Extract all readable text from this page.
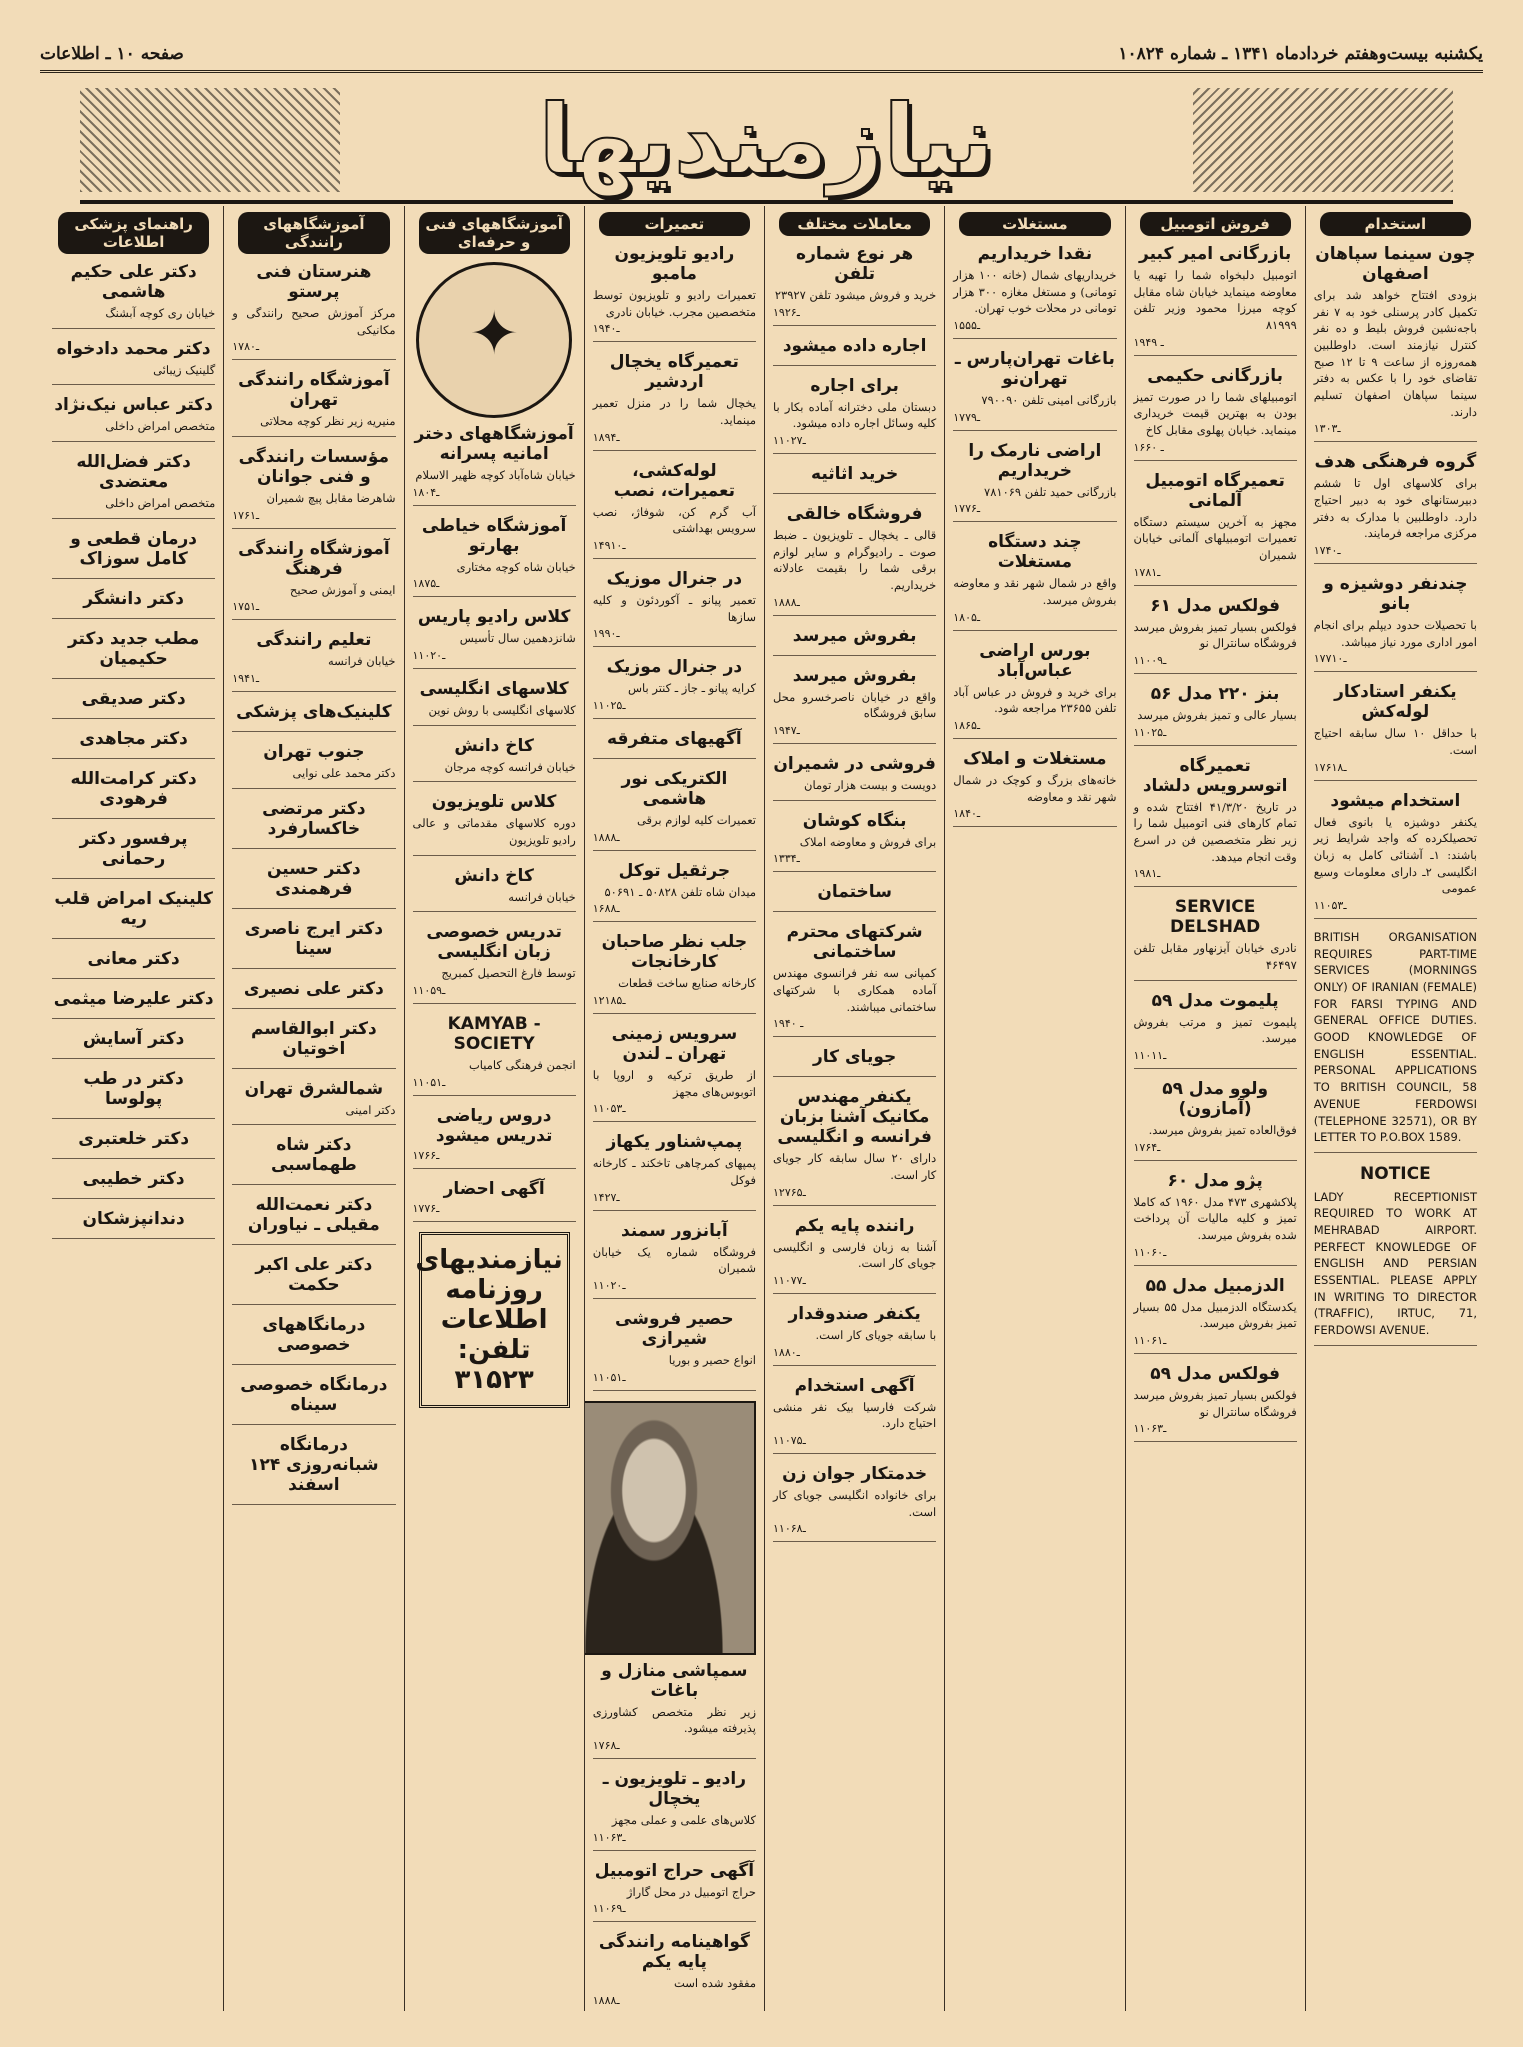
یکشنبه بیست‌وهفتم خردادماه ۱۳۴۱ ـ شماره ۱۰۸۲۴
صفحه ۱۰ ـ اطلاعات
نیازمندیها
استخدام
چون سینما سپاهان اصفهان
بزودی افتتاح خواهد شد برای تکمیل کادر پرسنلی خود به ۷ نفر باجه‌نشین فروش بلیط و ده نفر کنترل نیازمند است. داوطلبین همه‌روزه از ساعت ۹ تا ۱۲ صبح تقاضای خود را با عکس به دفتر سینما سپاهان اصفهان تسلیم دارند.
۱ـ۳۰۳
گروه فرهنگی هدف
برای کلاسهای اول تا ششم دبیرستانهای خود به دبیر احتیاج دارد. داوطلبین با مدارک به دفتر مرکزی مراجعه فرمایند.
۱ـ۷۴۰
چندنفر دوشیزه و بانو
با تحصیلات حدود دیپلم برای انجام امور اداری مورد نیاز میباشد.
۱ـ۷۷۱۰
یکنفر استادکار لوله‌کش
با حداقل ۱۰ سال سابقه احتیاج است.
۱ـ۷۶۱۸
استخدام میشود
یکنفر دوشیزه یا بانوی فعال تحصیلکرده که واجد شرایط زیر باشند: ۱ـ آشنائی کامل به زبان انگلیسی ۲ـ دارای معلومات وسیع عمومی
۱ـ۱۰۵۳
BRITISH ORGANISATION REQUIRES PART-TIME SERVICES (MORNINGS ONLY) OF IRANIAN (FEMALE) FOR FARSI TYPING AND GENERAL OFFICE DUTIES. GOOD KNOWLEDGE OF ENGLISH ESSENTIAL. PERSONAL APPLICATIONS TO BRITISH COUNCIL, 58 AVENUE FERDOWSI (TELEPHONE 32571), OR BY LETTER TO P.O.BOX 1589.
NOTICE
LADY RECEPTIONIST REQUIRED TO WORK AT MEHRABAD AIRPORT. PERFECT KNOWLEDGE OF ENGLISH AND PERSIAN ESSENTIAL. PLEASE APPLY IN WRITING TO DIRECTOR (TRAFFIC), IRTUC, 71, FERDOWSI AVENUE.
فروش اتومبیل
بازرگانی امیر کبیر
اتومبیل دلبخواه شما را تهیه یا معاوضه مینماید خیابان شاه مقابل کوچه میرزا محمود وزیر تلفن ۸۱۹۹۹
۱ـ ۹۴۹
بازرگانی حکیمی
اتومبیلهای شما را در صورت تمیز بودن به بهترین قیمت خریداری مینماید. خیابان پهلوی مقابل کاخ
۱ـ ۶۶۰
تعمیرگاه اتومبیل آلمانی
مجهز به آخرین سیستم دستگاه تعمیرات اتومبیلهای آلمانی خیابان شمیران
۱ـ۷۸۱
فولکس مدل ۶۱
فولکس بسیار تمیز بفروش میرسد فروشگاه سانترال نو
۱ـ۱۰۰۹
بنز ۲۲۰ مدل ۵۶
بسیار عالی و تمیز بفروش میرسد
۱ـ۱۰۲۵
تعمیرگاه اتوسرویس دلشاد
در تاریخ ۴۱/۳/۲۰ افتتاح شده و تمام کارهای فنی اتومبیل شما را زیر نظر متخصصین فن در اسرع وقت انجام میدهد.
۱ـ۹۸۱
SERVICE DELSHAD
نادری خیابان آیزنهاور مقابل تلفن ۴۶۴۹۷
پلیموت مدل ۵۹
پلیموت تمیز و مرتب بفروش میرسد.
۱ـ۱۰۱۱
ولوو مدل ۵۹ (آمازون)
فوق‌العاده تمیز بفروش میرسد.
۱ـ۷۶۴
پژو مدل ۶۰
پلاکشهری ۴۷۳ مدل ۱۹۶۰ که کاملا تمیز و کلیه مالیات آن پرداخت شده بفروش میرسد.
۱ـ۱۰۶۰
الدزمبیل مدل ۵۵
یکدستگاه الدزمبیل مدل ۵۵ بسیار تمیز بفروش میرسد.
۱ـ۱۰۶۱
فولکس مدل ۵۹
فولکس بسیار تمیز بفروش میرسد فروشگاه سانترال نو
۱ـ۱۰۶۳
مستغلات
نقدا خریداریم
خریداریهای شمال (خانه ۱۰۰ هزار تومانی) و مستغل مغازه ۳۰۰ هزار تومانی در محلات خوب تهران.
۱ـ۵۵۵
باغات تهران‌پارس ـ تهران‌نو
بازرگانی امینی تلفن ۷۹۰۰۹۰
۱ـ۷۷۹
اراضی نارمک را خریداریم
بازرگانی حمید تلفن ۷۸۱۰۶۹
۱ـ۷۷۶
چند دستگاه مستغلات
واقع در شمال شهر نقد و معاوضه بفروش میرسد.
۱ـ۸۰۵
بورس اراضی عباس‌آباد
برای خرید و فروش در عباس آباد تلفن ۲۳۶۵۵ مراجعه شود.
۱ـ۸۶۵
مستغلات و املاک
خانه‌های بزرگ و کوچک در شمال شهر نقد و معاوضه
۱ـ۸۴۰
معاملات مختلف
هر نوع شماره تلفن
خرید و فروش میشود تلفن ۲۳۹۲۷
۱ـ۹۲۶
اجاره داده میشود
برای اجاره
دبستان ملی دخترانه آماده بکار با کلیه وسائل اجاره داده میشود.
۱ـ۱۰۲۷
خرید اثاثیه
فروشگاه خالقی
قالی ـ یخچال ـ تلویزیون ـ ضبط صوت ـ رادیوگرام و سایر لوازم برقی شما را بقیمت عادلانه خریداریم.
۱ـ۸۸۸
بفروش میرسد
بفروش میرسد
واقع در خیابان ناصرخسرو محل سابق فروشگاه
۱ـ۹۴۷
فروشی در شمیران
دویست و بیست هزار تومان
بنگاه کوشان
برای فروش و معاوضه املاک
۱ـ۳۳۴
ساختمان
شرکتهای محترم ساختمانی
کمپانی سه نفر فرانسوی مهندس آماده همکاری با شرکتهای ساختمانی میباشند.
۱ـ ۹۴۰
جویای کار
یکنفر مهندس مکانیک آشنا بزبان فرانسه و انگلیسی
دارای ۲۰ سال سابقه کار جویای کار است.
۱ـ۲۷۶۵
راننده پایه یکم
آشنا به زبان فارسی و انگلیسی جویای کار است.
۱ـ۱۰۷۷
یکنفر صندوقدار
با سابقه جویای کار است.
۱ـ۸۸۰
آگهی استخدام
شرکت فارسیا بیک نفر منشی احتیاج دارد.
۱ـ۱۰۷۵
خدمتکار جوان زن
برای خانواده انگلیسی جویای کار است.
۱ـ۱۰۶۸
تعمیرات
رادیو تلویزیون مامبو
تعمیرات رادیو و تلویزیون توسط متخصصین مجرب. خیابان نادری
۱ـ۹۴۰
تعمیرگاه یخچال اردشیر
یخچال شما را در منزل تعمیر مینماید.
۱ـ۸۹۴
لوله‌کشی، تعمیرات، نصب
آب گرم کن، شوفاژ، نصب سرویس بهداشتی
۱ـ۴۹۱۰
در جنرال موزیک
تعمیر پیانو ـ آکوردئون و کلیه سازها
۱ـ۹۹۰
در جنرال موزیک
کرایه پیانو ـ جاز ـ کنتر باس
۱ـ۱۰۲۵
آگهیهای متفرقه
الکتریکی نور هاشمی
تعمیرات کلیه لوازم برقی
۱ـ۸۸۸
جرثقیل توکل
میدان شاه تلفن ۵۰۸۲۸ ـ ۵۰۶۹۱
۱ـ۶۸۸
جلب نظر صاحبان کارخانجات
کارخانه صنایع ساخت قطعات
۱ـ۲۱۸۵
سرویس زمینی تهران ـ لندن
از طریق ترکیه و اروپا با اتوبوس‌های مجهز
۱ـ۱۰۵۳
پمپ‌شناور یکهاز
پمپهای کمرچاهی تاخکند ـ کارخانه فوکل
۱ـ۴۲۷
آبانزور سمند
فروشگاه شماره یک خیابان شمیران
۱ـ۱۰۲۰
حصیر فروشی شیرازی
انواع حصیر و بوریا
۱ـ۱۰۵۱
سمپاشی منازل و باغات
زیر نظر متخصص کشاورزی پذیرفته میشود.
۱ـ۷۶۸
رادیو ـ تلویزیون ـ یخچال
کلاس‌های علمی و عملی مجهز
۱ـ۱۰۶۳
آگهی حراج اتومبیل
حراج اتومبیل در محل گاراژ
۱ـ۱۰۶۹
گواهینامه رانندگی پایه یکم
مفقود شده است
۱ـ۸۸۸
آموزشگاههای فنی و حرفه‌ای
✦
آموزشگاههای دختر امانیه پسرانه
خیابان شاه‌آباد کوچه ظهیر الاسلام
۱ـ۸۰۴
آموزشگاه خیاطی بهارتو
خیابان شاه کوچه مختاری
۱ـ۸۷۵
کلاس رادیو پاریس
شانزدهمین سال تأسیس
۱ـ۱۰۲۰
کلاسهای انگلیسی
کلاسهای انگلیسی با روش نوین
کاخ دانش
خیابان فرانسه کوچه مرجان
کلاس تلویزیون
دوره کلاسهای مقدماتی و عالی رادیو تلویزیون
کاخ دانش
خیابان فرانسه
تدریس خصوصی زبان انگلیسی
توسط فارغ التحصیل کمبریج
۱ـ۱۰۵۹
KAMYAB - SOCIETY
انجمن فرهنگی کامیاب
۱ـ۱۰۵۱
دروس ریاضی تدریس میشود
۱ـ۷۶۶
آگهی احضار
۱ـ۷۷۶
نیازمندیهای روزنامه اطلاعات تلفن: ۳۱۵۲۳
آموزشگاههای رانندگی
هنرستان فنی پرستو
مرکز آموزش صحیح رانندگی و مکانیکی
۱ـ۷۸۰
آموزشگاه رانندگی تهران
منیریه زیر نظر کوچه محلاتی
مؤسسات رانندگی و فنی جوانان
شاهرضا مقابل پیچ شمیران
۱ـ۷۶۱
آموزشگاه رانندگی فرهنگ
ایمنی و آموزش صحیح
۱ـ۷۵۱
تعلیم رانندگی
خیابان فرانسه
۱ـ۹۴۱
کلینیک‌های پزشکی
جنوب تهران
دکتر محمد علی نوایی
دکتر مرتضی خاکسارفرد
دکتر حسین فرهمندی
دکتر ایرج ناصری سینا
دکتر علی نصیری
دکتر ابوالقاسم اخوتیان
شمالشرق تهران
دکتر امینی
دکتر شاه طهماسبی
دکتر نعمت‌الله مقیلی ـ نیاوران
دکتر علی اکبر حکمت
درمانگاههای خصوصی
درمانگاه خصوصی سیناه
درمانگاه شبانه‌روزی ۱۲۴ اسفند
راهنمای پزشکی اطلاعات
دکتر علی حکیم هاشمی
خیابان ری کوچه آبشنگ
دکتر محمد دادخواه
گلینیک زیبائی
دکتر عباس نیک‌نژاد
متخصص امراض داخلی
دکتر فضل‌الله معتضدی
متخصص امراض داخلی
درمان قطعی و کامل سوزاک
دکتر دانشگر
مطب جدید دکتر حکیمیان
دکتر صدیقی
دکتر مجاهدی
دکتر کرامت‌الله فرهودی
پرفسور دکتر رحمانی
کلینیک امراض قلب ریه
دکتر معانی
دکتر علیرضا میثمی
دکتر آسایش
دکتر در طب پولوسا
دکتر خلعتبری
دکتر خطیبی
دندانپزشکان
